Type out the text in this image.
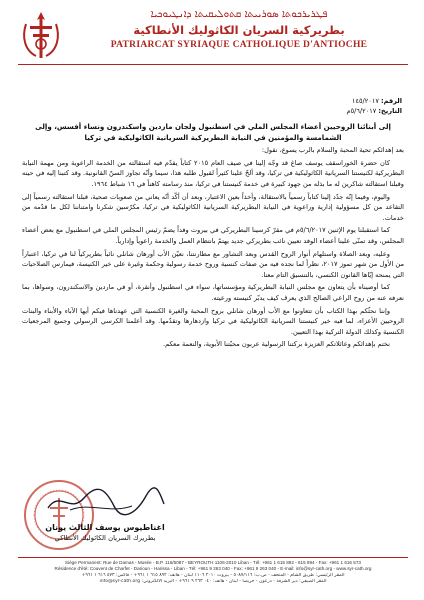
ܦܛܪܝܪܟܘܬܐ ܣܘܪܝܝܬܐ ܩܬܘܠܝܩܝܬܐ ܕܐܢܛܝܘܟܝܐ
بطريركية السريان الكاثوليك الأنطاكية
PATRIARCAT SYRIAQUE CATHOLIQUE D'ANTIOCHE
الرقم: ١٤٥/٢٠١٧
التاريخ: ٥/٦/٢٠١٧م

إلى أبنائنا الروحيين أعضاء المجلس الملي في اسطنبول ولجان ماردين واسكندرون ونساء أفسس، وإلى الشمامسة والمؤمنين في النيابة البطريركية السريانية الكاثوليكية في تركيا

بعد إهدائكم تحية المحبة والسلام بالرب يسوع، نقول:

كان حضرة الخوراسقف يوسف صاغ قد وجّه إلينا في صيف العام ٢٠١٥ كتاباً يقدّم فيه استقالته من الخدمة الراعوية ومن مهمة النيابة البطريركية لكنيستنا السريانية الكاثوليكية في تركيا، وقد ألحّ علينا كثيراً لقبول طلبه هذا، سيما وأنّه تجاوز السنّ القانونية. وقد كتبنا إليه في حينه وقبلنا استقالته شاكرين له ما بذله من جهود كبيرة في خدمة كنيستنا في تركيا، منذ رسامته كاهناً في ١٦ شباط ١٩٦٤.

واليوم، وفيما إنّه جدّد إلينا كتاباً رسمياً بالاستقالة، وأخذاً بعين الاعتبار، وبعد أن أكّد أنّه يعاني من صعوبات صحية، قبلنا استقالته رسمياً إلى التقاعد من كل مسؤولية إدارية وراعوية في النيابة البطريركية السريانية الكاثوليكية في تركيا، مكرّسين شكرنا وامتناننا لكل ما قدّمه من خدمات.

كما استقبلنا يوم الإثنين ٥/٦/٢٠١٧م في مقرّ كرسينا البطريركي في بيروت وفداً يضمّ رئيس المجلس الملي في اسطنبول مع بعض أعضاء المجلس، وقد تمنّى علينا أعضاء الوفد تعيين نائب بطريركي جديد يهتمّ بانتظام العمل والخدمة راعوياً وإدارياً.

وعليه، وبعد الصلاة واستلهام أنوار الروح القدس وبعد التشاور مع مطارنتنا، نعيّن الأب أورهان شانلي نائباً بطريركياً لنا في تركيا، اعتباراً من الأول من شهر تموز ٢٠١٧، نظراً لما نجده فيه من صفات كنسية وروح خدمة رسولية وحكمة وغيرة على خير الكنيسة، فيمارس الصلاحيات التي يمنحه إيّاها القانون الكنسي، بالتنسيق التام معنا.

كما أوصيناه بأن يتعاون مع مجلس النيابة البطريركية ومؤسساتها، سواء في اسطنبول وأنقرة، أو في ماردين والاسكندرون، وسواها، بما نعرفه عنه من روح الراعي الصالح الذي يعرف كيف يدبّر كنيسته ورعيته.

وإننا نحثّكم بهذا الكتاب بأن تتعاونوا مع الأب أورهان شانلي بروح المحبة والغيرة الكنسية التي عهدناها فيكم أيها الآباء والأبناء والبنات الروحيين الأعزاء، لما فيه خير كنيستنا السريانية الكاثوليكية في تركيا وازدهارها وتقدّمها. وقد أعلمنا الكرسي الرسولي وجميع المرجعيات الكنسية وكذلك الدولة التركية بهذا التعيين.

نختم بإهدائكم وعائلاتكم العزيزة بركتنا الرسولية عربون محبّتنا الأبوية، والنعمة معكم.

اغناطيوس يوسف الثالث يونان
بطريرك السريان الكاثوليك الأنطاكي
Siège Permanent: Rue de Damas - Musée - B.P. 116/5087 - BEYROUTH 1106-2010 Liban - Tél: +961 1 615 892 - 615 894 - Fax: +961 1 616 573
Résidence d'été: Couvent de Charfet - Darioun - Harissa - Liban - Tél: +961 9 263 040 - Fax: +961 9 263 040 - E-mail: info@syr-cath.org - www.syr-cath.org
المقر الرئيسي: طريق الشام - المتحف - ص.ب: ٥٠٨٧/١١٦ - بيروت ٢٠١٠ ١١٠٦ لبنان - هاتف: ٨٩٢ ٦١٥ ١ ٩٦١+ - فاكس: ٥٧٣ ٦١٦ ١ ٩٦١+
المقر الصيفي: دير الشرفة - درعون - حريصا - لبنان - هاتف: ٠٤٠ ٢٦٣ ٩ ٩٦١+ - البريد الالكتروني: info@syr-cath.org
